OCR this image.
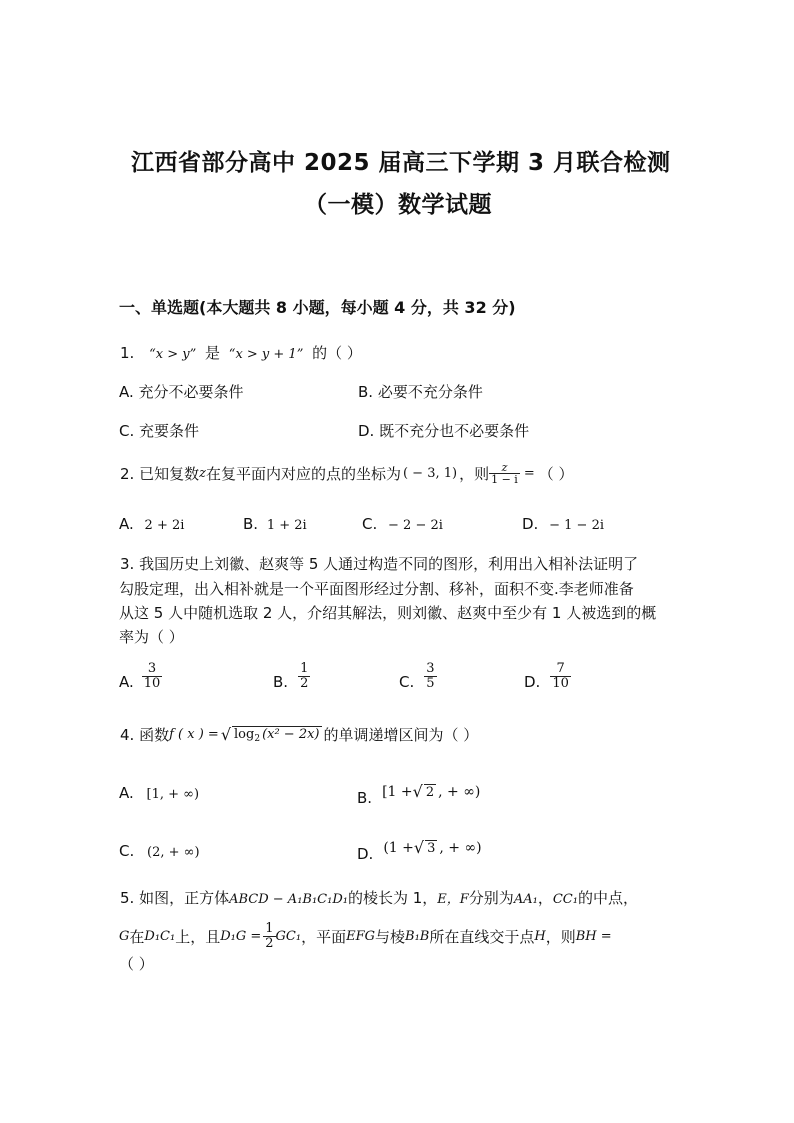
江西省部分高中 2025 届高三下学期 3 月联合检测
（一模）数学试题
一、单选题(本大题共 8 小题，每小题 4 分，共 32 分)
1. “x > y” 是 “x > y + 1” 的（ ）
A. 充分不必要条件	B. 必要不充分条件
C. 充要条件	D. 既不充分也不必要条件
2. 已知复数 z 在复平面内对应的点的坐标为 ( − 3, 1) ，则 $\frac{z}{1 - i}$ = （ ）
A. 2 + 2i	B. 1 + 2i	C. − 2 − 2i	D. − 1 − 2i
3. 我国历史上刘徽、赵爽等 5 人通过构造不同的图形，利用出入相补法证明了
勾股定理，出入相补就是一个平面图形经过分割、移补，面积不变.李老师准备
从这 5 人中随机选取 2 人，介绍其解法，则刘徽、赵爽中至少有 1 人被选到的概
率为（ ）
A. $\frac{3}{10}$	B. $\frac{1}{2}$	C. $\frac{3}{5}$	D. $\frac{7}{10}$
4. 函数 f ( x ) = √ $\log_2 (x^2 - 2x)$ 的单调递增区间为（ ）
A. [1, + ∞)	B. [1 + √ 2 , + ∞)
C. (2, + ∞)	D. (1 + √ 3 , + ∞)
5. 如图，正方体ABCD − A₁B₁C₁D₁的棱长为 1，E，F分别为AA₁，CC₁的中点，
G 在 D₁C₁ 上，且 $D_1G = \frac{1}{2} GC_1$ ，平面 EFG 与棱 B₁B 所在直线交于点 H ，则 BH =
（ ）
